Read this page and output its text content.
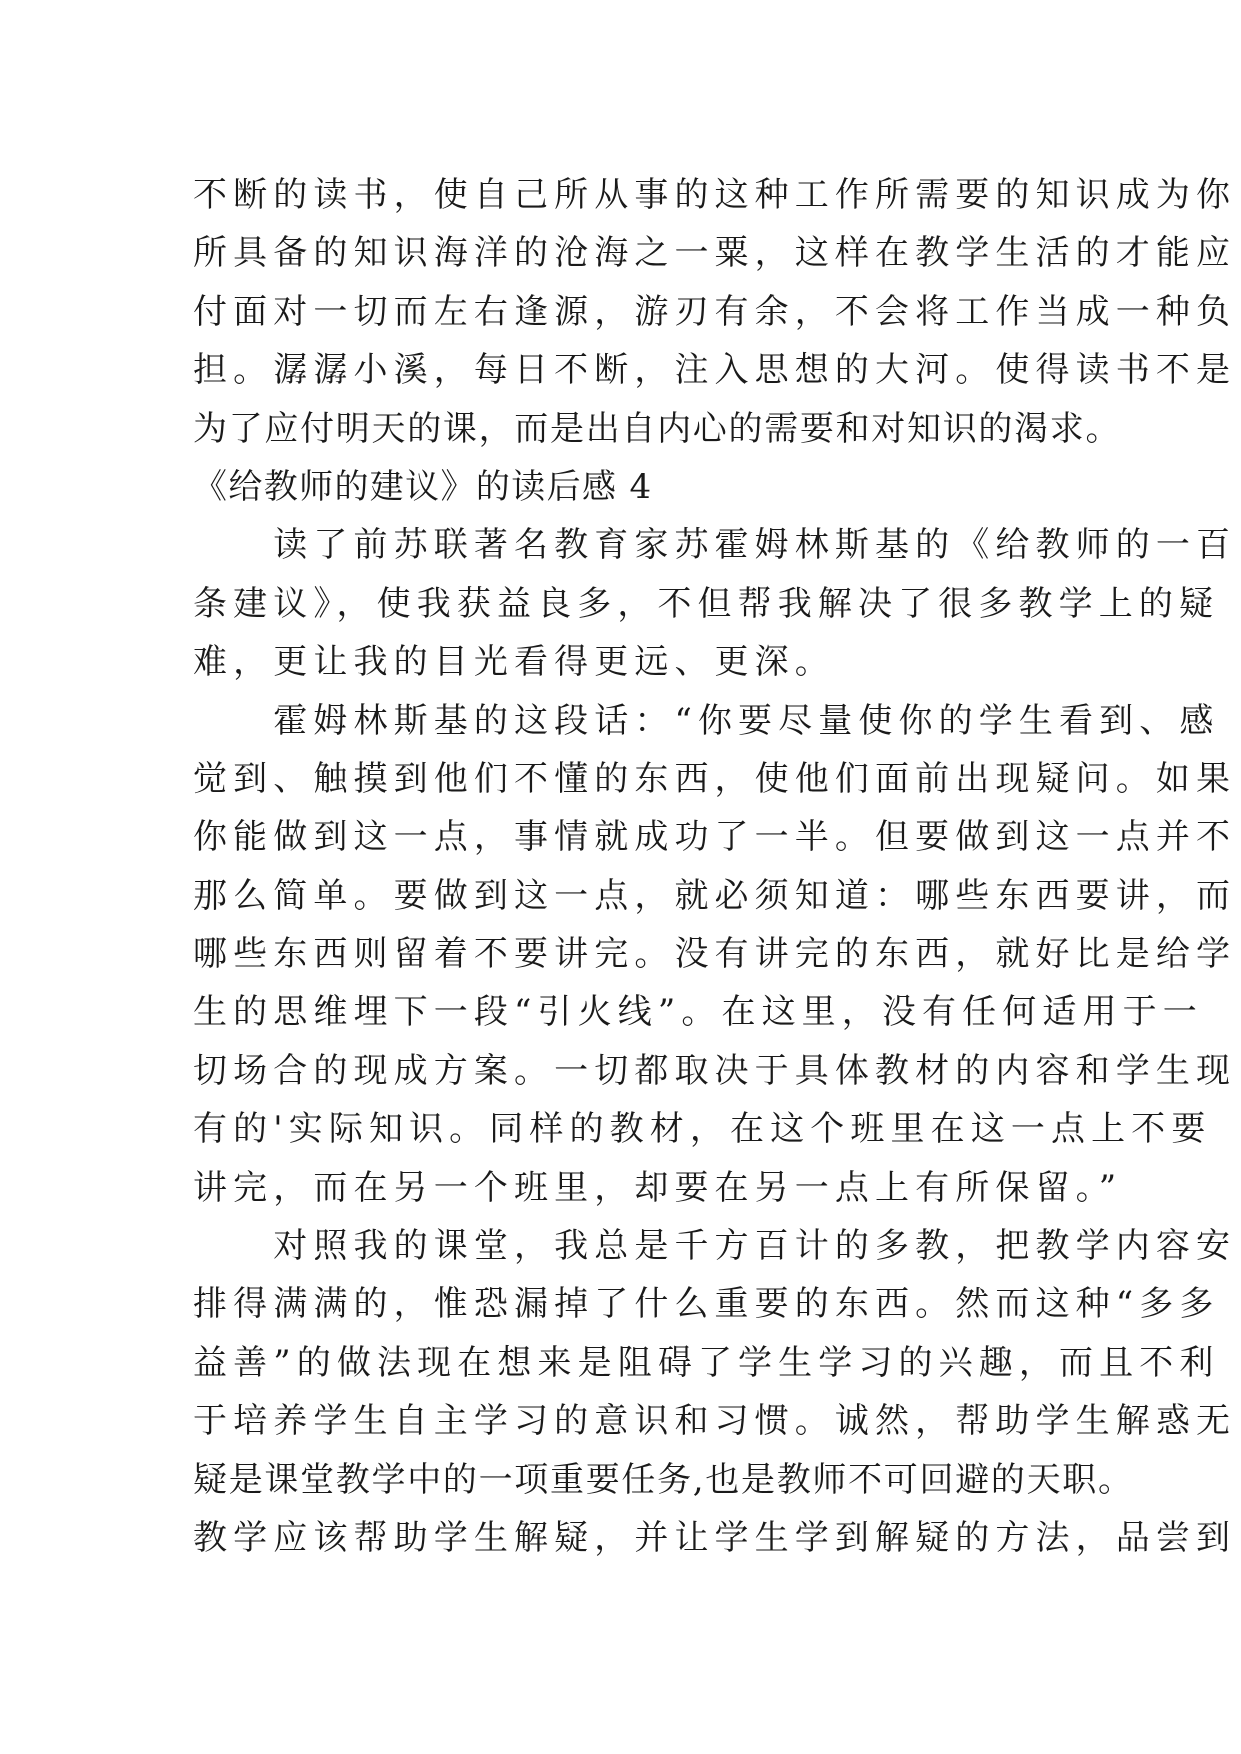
不断的读书，使自己所从事的这种工作所需要的知识成为你
所具备的知识海洋的沧海之一粟，这样在教学生活的才能应
付面对一切而左右逢源，游刃有余，不会将工作当成一种负
担。潺潺小溪，每日不断，注入思想的大河。使得读书不是
为了应付明天的课，而是出自内心的需要和对知识的渴求。
《给教师的建议》的读后感 4
　　读了前苏联著名教育家苏霍姆林斯基的《给教师的一百
条建议》，使我获益良多，不但帮我解决了很多教学上的疑
难，更让我的目光看得更远、更深。
　　霍姆林斯基的这段话：“你要尽量使你的学生看到、感
觉到、触摸到他们不懂的东西，使他们面前出现疑问。如果
你能做到这一点，事情就成功了一半。但要做到这一点并不
那么简单。要做到这一点，就必须知道：哪些东西要讲，而
哪些东西则留着不要讲完。没有讲完的东西，就好比是给学
生的思维埋下一段“引火线”。在这里，没有任何适用于一
切场合的现成方案。一切都取决于具体教材的内容和学生现
有的'实际知识。同样的教材，在这个班里在这一点上不要
讲完，而在另一个班里，却要在另一点上有所保留。”
　　对照我的课堂，我总是千方百计的多教，把教学内容安
排得满满的，惟恐漏掉了什么重要的东西。然而这种“多多
益善”的做法现在想来是阻碍了学生学习的兴趣，而且不利
于培养学生自主学习的意识和习惯。诚然，帮助学生解惑无
疑是课堂教学中的一项重要任务,也是教师不可回避的天职。
教学应该帮助学生解疑，并让学生学到解疑的方法，品尝到
